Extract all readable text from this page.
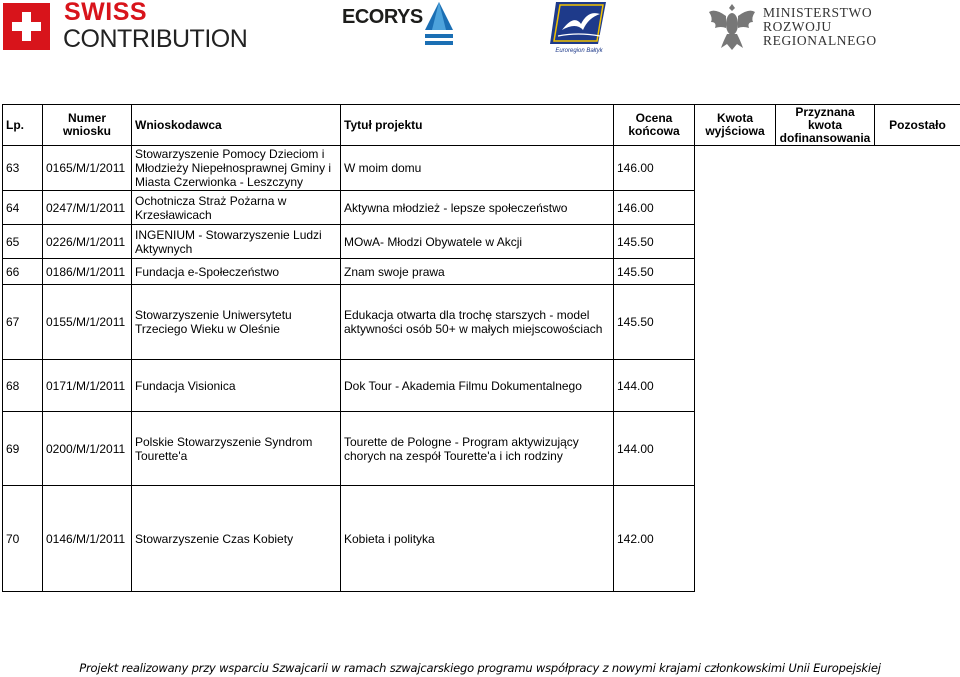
SWISS
CONTRIBUTION
ECORYS
Euroregion Bałtyk
MINISTERSTWO
ROZWOJU
REGIONALNEGO
Lp.	Numer wniosku	Wnioskodawca	Tytuł projektu	Ocena końcowa	Kwota wyjściowa	Przyznana kwota dofinansowania	Pozostało
63	0165/M/1/2011	Stowarzyszenie Pomocy Dzieciom i Młodzieży Niepełnosprawnej Gminy i Miasta Czerwionka - Leszczyny	W moim domu	146.00			
64	0247/M/1/2011	Ochotnicza Straż Pożarna w Krzesławicach	Aktywna młodzież - lepsze społeczeństwo	146.00			
65	0226/M/1/2011	INGENIUM - Stowarzyszenie Ludzi Aktywnych	MOwA- Młodzi Obywatele w Akcji	145.50			
66	0186/M/1/2011	Fundacja e-Społeczeństwo	Znam swoje prawa	145.50			
67	0155/M/1/2011	Stowarzyszenie Uniwersytetu Trzeciego Wieku w Oleśnie	Edukacja otwarta dla trochę starszych - model aktywności osób 50+ w małych miejscowościach	145.50			
68	0171/M/1/2011	Fundacja Visionica	Dok Tour - Akademia Filmu Dokumentalnego	144.00			
69	0200/M/1/2011	Polskie Stowarzyszenie Syndrom Tourette'a	Tourette de Pologne - Program aktywizujący chorych na zespół Tourette'a i ich rodziny	144.00			
70	0146/M/1/2011	Stowarzyszenie Czas Kobiety	Kobieta i polityka	142.00			
Projekt realizowany przy wsparciu Szwajcarii w ramach szwajcarskiego programu współpracy z nowymi krajami członkowskimi Unii Europejskiej
